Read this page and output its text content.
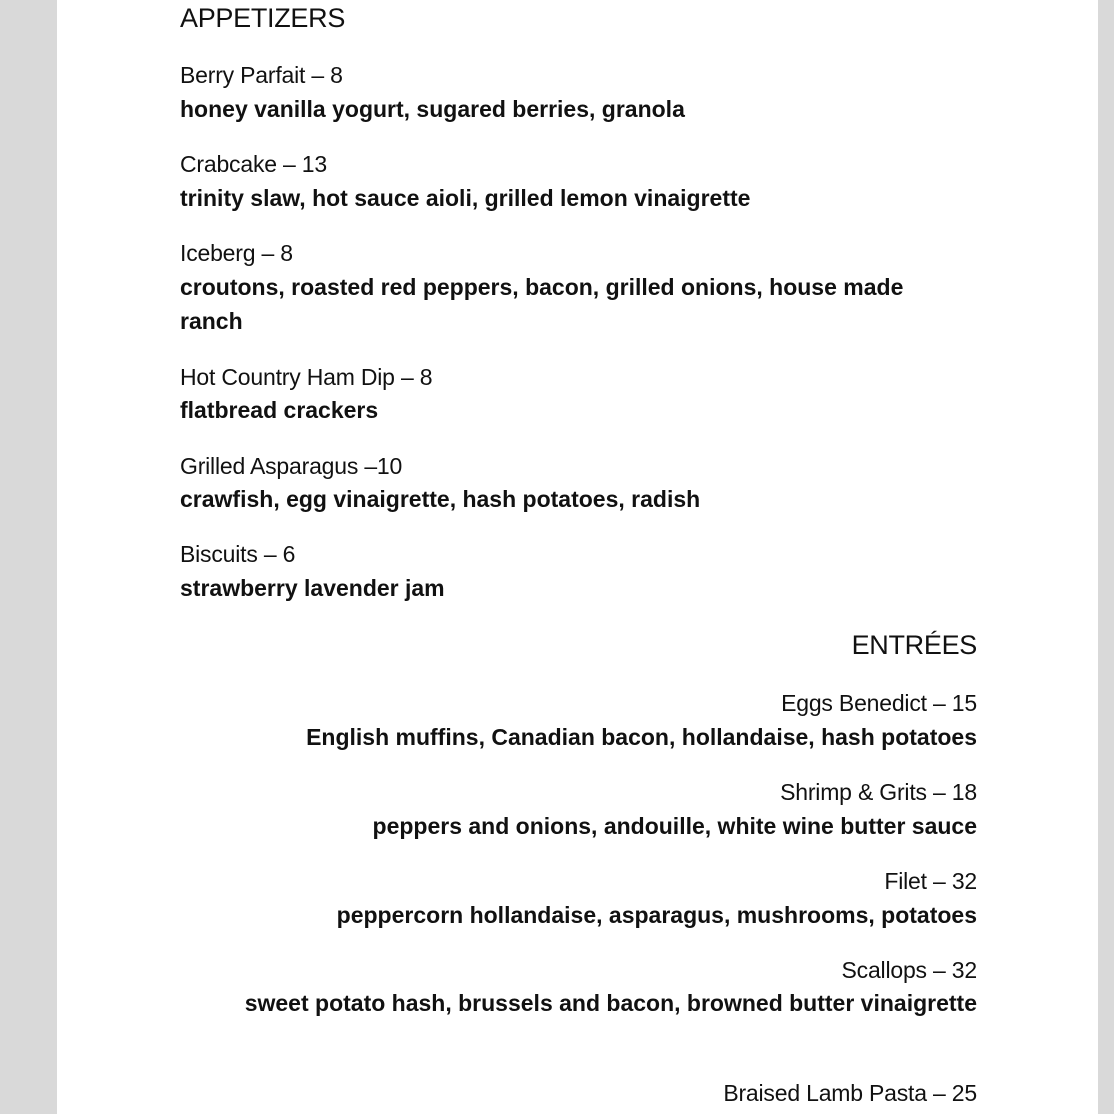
APPETIZERS
Berry Parfait – 8
honey vanilla yogurt, sugared berries, granola
Crabcake – 13
trinity slaw, hot sauce aioli, grilled lemon vinaigrette
Iceberg – 8
croutons, roasted red peppers, bacon, grilled onions, house made ranch
Hot Country Ham Dip – 8
flatbread crackers
Grilled Asparagus –10
crawfish, egg vinaigrette, hash potatoes, radish
Biscuits – 6
strawberry lavender jam
ENTRÉES
Eggs Benedict – 15
English muffins, Canadian bacon, hollandaise, hash potatoes
Shrimp & Grits – 18
peppers and onions, andouille, white wine butter sauce
Filet – 32
peppercorn hollandaise, asparagus, mushrooms, potatoes
Scallops – 32
sweet potato hash, brussels and bacon, browned butter vinaigrette
Braised Lamb Pasta – 25
